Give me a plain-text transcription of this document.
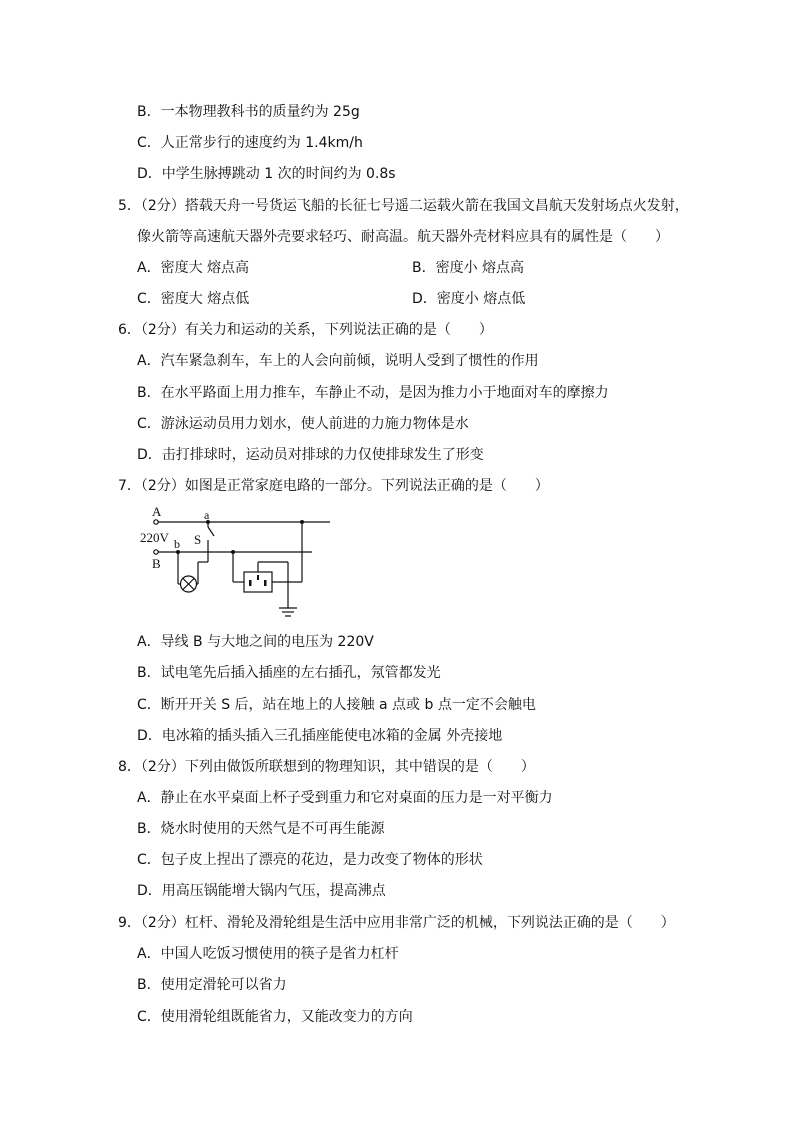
B．一本物理教科书的质量约为 25g
C．人正常步行的速度约为 1.4km/h
D．中学生脉搏跳动 1 次的时间约为 0.8s
5．（2分）搭载天舟一号货运飞船的长征七号遥二运载火箭在我国文昌航天发射场点火发射，
像火箭等高速航天器外壳要求轻巧、耐高温。航天器外壳材料应具有的属性是（　　）
A．密度大 熔点高	B．密度小 熔点高
C．密度大 熔点低	D．密度小 熔点低
6．（2分）有关力和运动的关系，下列说法正确的是（　　）
A．汽车紧急刹车，车上的人会向前倾，说明人受到了惯性的作用
B．在水平路面上用力推车，车静止不动，是因为推力小于地面对车的摩擦力
C．游泳运动员用力划水，使人前进的力施力物体是水
D．击打排球时，运动员对排球的力仅使排球发生了形变
7．（2分）如图是正常家庭电路的一部分。下列说法正确的是（　　）
A	a
220V b S
B
A．导线 B 与大地之间的电压为 220V
B．试电笔先后插入插座的左右插孔，氖管都发光
C．断开开关 S 后，站在地上的人接触 a 点或 b 点一定不会触电
D．电冰箱的插头插入三孔插座能使电冰箱的金属 外壳接地
8．（2分）下列由做饭所联想到的物理知识，其中错误的是（　　）
A．静止在水平桌面上杯子受到重力和它对桌面的压力是一对平衡力
B．烧水时使用的天然气是不可再生能源
C．包子皮上捏出了漂亮的花边，是力改变了物体的形状
D．用高压锅能增大锅内气压，提高沸点
9．（2分）杠杆、滑轮及滑轮组是生活中应用非常广泛的机械，下列说法正确的是（　　）
A．中国人吃饭习惯使用的筷子是省力杠杆
B．使用定滑轮可以省力
C．使用滑轮组既能省力，又能改变力的方向
